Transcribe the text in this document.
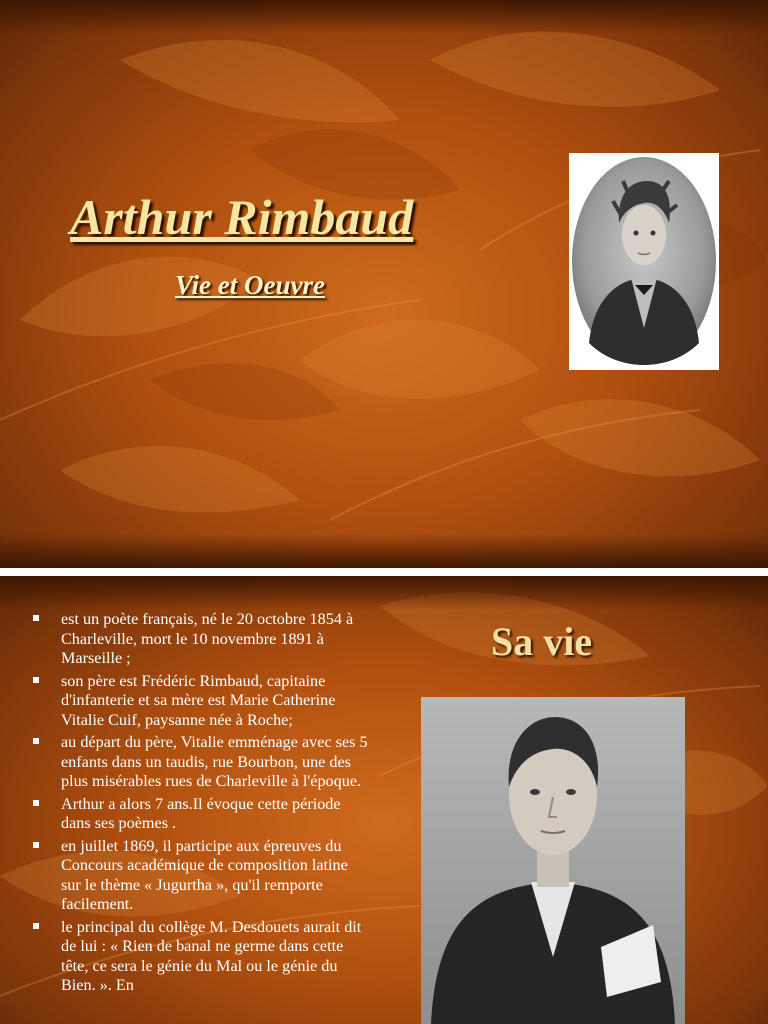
Arthur Rimbaud
Vie et Oeuvre
est un poète français, né le 20 octobre 1854 à Charleville, mort le 10 novembre 1891 à Marseille ;
son père est Frédéric Rimbaud, capitaine d'infanterie et sa mère est Marie Catherine Vitalie Cuif, paysanne née à Roche;
au départ du père, Vitalie emménage avec ses 5 enfants dans un taudis, rue Bourbon, une des plus misérables rues de Charleville à l'époque.
Arthur a alors 7 ans.Il évoque cette période dans ses poèmes .
en juillet 1869, il participe aux épreuves du Concours académique de composition latine sur le thème « Jugurtha », qu'il remporte facilement.
le principal du collège M. Desdouets aurait dit de lui : « Rien de banal ne germe dans cette tête, ce sera le génie du Mal ou le génie du Bien. ». En
Sa vie
